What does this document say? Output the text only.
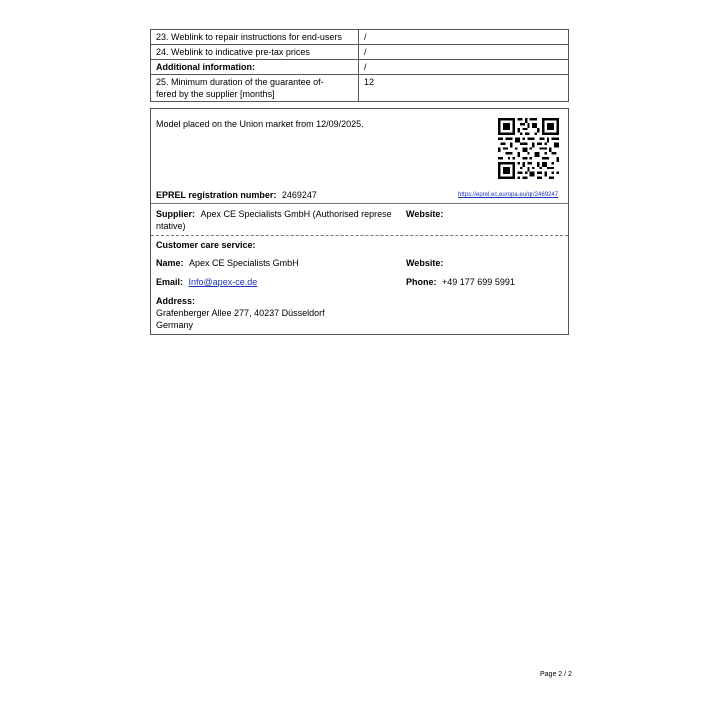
23. Weblink to repair instructions for end-users	/
24. Weblink to indicative pre-tax prices	/
Additional information:	/

25. Minimum duration of the guarantee of-
fered by the supplier [months]	12
Model placed on the Union market from 12/09/2025.
EPREL registration number: 2469247	https://eprel.ec.europa.eu/qr/2469247
Supplier: Apex CE Specialists GmbH (Authorised represe
ntative)
Website:
Customer care service:
Name: Apex CE Specialists GmbH	Website:
Email: Info@apex-ce.de	Phone: +49 177 699 5991
Address:
Grafenberger Allee 277, 40237 Düsseldorf
Germany
Page 2 / 2
